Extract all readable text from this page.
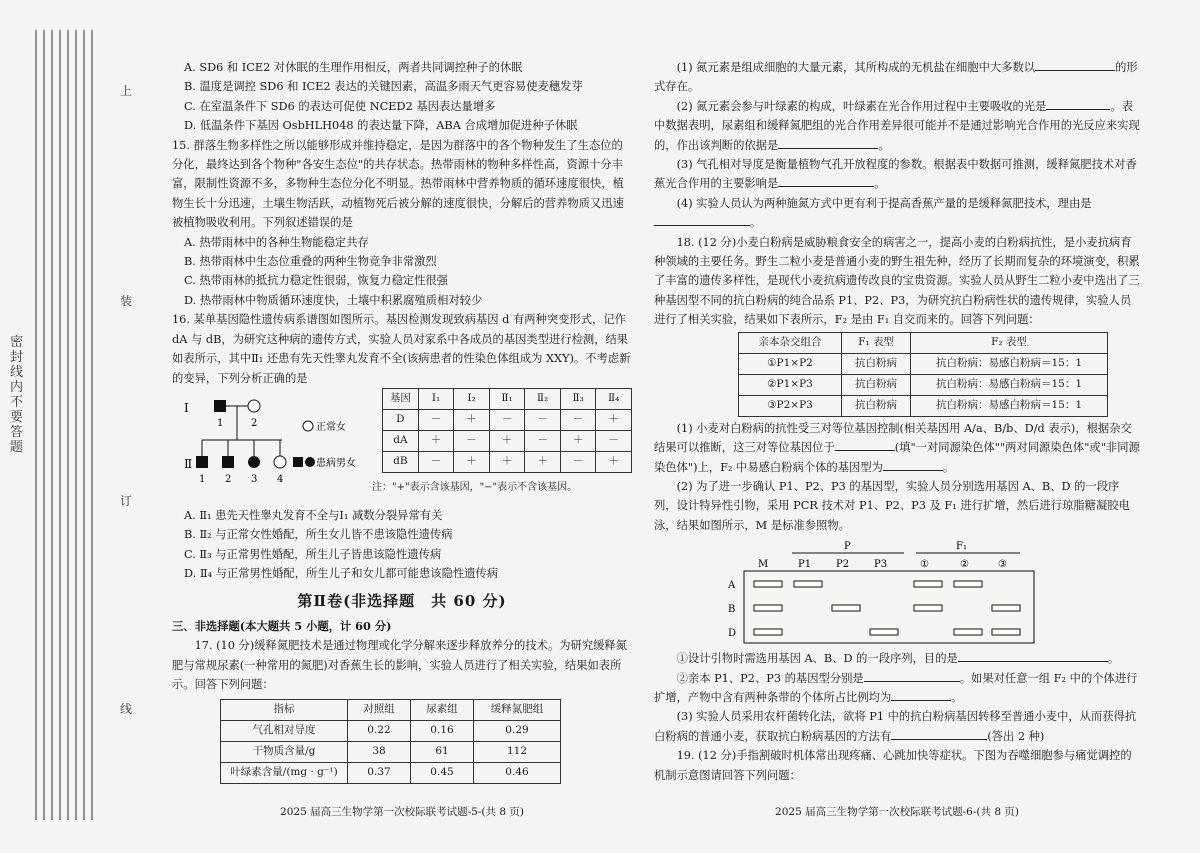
密封线内不要答题
上
装
订
线

A. SD6 和 ICE2 对休眠的生理作用相反，两者共同调控种子的休眠

B. 温度是调控 SD6 和 ICE2 表达的关键因素，高温多雨天气更容易使麦穗发芽

C. 在室温条件下 SD6 的表达可促使 NCED2 基因表达量增多

D. 低温条件下基因 OsbHLH048 的表达量下降，ABA 合成增加促进种子休眠

15. 群落生物多样性之所以能够形成并维持稳定，是因为群落中的各个物种发生了生态位的分化，最终达到各个物种"各安生态位"的共存状态。热带雨林的物种多样性高，资源十分丰富，限制性资源不多，多物种生态位分化不明显。热带雨林中营养物质的循环速度很快，植物生长十分迅速，土壤生物活跃，动植物死后被分解的速度很快，分解后的营养物质又迅速被植物吸收利用。下列叙述错误的是

A. 热带雨林中的各种生物能稳定共存

B. 热带雨林中生态位重叠的两种生物竞争非常激烈

C. 热带雨林的抵抗力稳定性很弱，恢复力稳定性很强

D. 热带雨林中物质循环速度快，土壤中积累腐殖质相对较少

16. 某单基因隐性遗传病系谱图如图所示。基因检测发现致病基因 d 有两种突变形式，记作 dA 与 dB，为研究这种病的遗传方式，实验人员对家系中各成员的基因类型进行检测，结果如表所示，其中Ⅱ₁ 还患有先天性睾丸发育不全(该病患者的性染色体组成为 XXY)。不考虑新的变异，下列分析正确的是

Ⅰ
Ⅱ
1	2
1 2 3 4
正常女
患病男女
基因	Ⅰ₁	Ⅰ₂	Ⅱ₁	Ⅱ₂	Ⅱ₃	Ⅱ₄
D	－	＋	－	－	－	＋
dA	＋	－	＋	－	＋	－
dB	－	＋	＋	＋	－	＋
注："+"表示含该基因，"−"表示不含该基因。

A. Ⅱ₁ 患先天性睾丸发育不全与Ⅰ₁ 减数分裂异常有关

B. Ⅱ₂ 与正常女性婚配，所生女儿皆不患该隐性遗传病

C. Ⅱ₃ 与正常男性婚配，所生儿子皆患该隐性遗传病

D. Ⅱ₄ 与正常男性婚配，所生儿子和女儿都可能患该隐性遗传病

第Ⅱ卷(非选择题　共 60 分)

三、非选择题(本大题共 5 小题，计 60 分)

17. (10 分)缓释氮肥技术是通过物理或化学分解来逐步释放养分的技术。为研究缓释氮肥与常规尿素(一种常用的氮肥)对香蕉生长的影响，实验人员进行了相关实验，结果如表所示。回答下列问题：

指标	对照组	尿素组	缓释氮肥组
气孔相对导度	0.22	0.16	0.29
干物质含量/g	38	61	112
叶绿素含量/(mg · g⁻¹)	0.37	0.45	0.46
2025 届高三生物学第一次校际联考试题-5-(共 8 页)

(1) 氮元素是组成细胞的大量元素，其所构成的无机盐在细胞中大多数以	的形式存在。

(2) 氮元素会参与叶绿素的构成，叶绿素在光合作用过程中主要吸收的光是	。表中数据表明，尿素组和缓释氮肥组的光合作用差异很可能并不是通过影响光合作用的光反应来实现的，作出该判断的依据是	。

(3) 气孔相对导度是衡量植物气孔开放程度的参数。根据表中数据可推测，缓释氮肥技术对香蕉光合作用的主要影响是	。

(4) 实验人员认为两种施氮方式中更有利于提高香蕉产量的是缓释氮肥技术，理由是。

18. (12 分)小麦白粉病是威胁粮食安全的病害之一，提高小麦的白粉病抗性，是小麦抗病育种领域的主要任务。野生二粒小麦是普通小麦的野生祖先种，经历了长期而复杂的环境演变，积累了丰富的遗传多样性，是现代小麦抗病遗传改良的宝贵资源。实验人员从野生二粒小麦中选出了三种基因型不同的抗白粉病的纯合品系 P1、P2、P3，为研究抗白粉病性状的遗传规律，实验人员进行了相关实验，结果如下表所示，F₂ 是由 F₁ 自交而来的。回答下列问题：

亲本杂交组合	F₁ 表型	F₂ 表型
①P1×P2	抗白粉病	抗白粉病：易感白粉病＝15：1
②P1×P3	抗白粉病	抗白粉病：易感白粉病＝15：1
③P2×P3	抗白粉病	抗白粉病：易感白粉病＝15：1

(1) 小麦对白粉病的抗性受三对等位基因控制(相关基因用 A/a、B/b、D/d 表示)，根据杂交结果可以推断，这三对等位基因位于	(填"一对同源染色体""两对同源染色体"或"非同源染色体")上，F₂ 中易感白粉病个体的基因型为	。

(2) 为了进一步确认 P1、P2、P3 的基因型，实验人员分别选用基因 A、B、D 的一段序列，设计特异性引物，采用 PCR 技术对 P1、P2、P3 及 F₁ 进行扩增，然后进行琼脂糖凝胶电泳，结果如图所示，M 是标准参照物。

P	F₁
M	P1 P2 P3	①	②	③
A
B
D

①设计引物时需选用基因 A、B、D 的一段序列，目的是	。

②亲本 P1、P2、P3 的基因型分别是	。如果对任意一组 F₂ 中的个体进行扩增，产物中含有两种条带的个体所占比例均为	。

(3) 实验人员采用农杆菌转化法，欲将 P1 中的抗白粉病基因转移至普通小麦中，从而获得抗白粉病的普通小麦，获取抗白粉病基因的方法有	(答出 2 种)

19. (12 分)手指割破时机体常出现疼痛、心跳加快等症状。下图为吞噬细胞参与痛觉调控的机制示意图请回答下列问题：

2025 届高三生物学第一次校际联考试题-6-(共 8 页)
